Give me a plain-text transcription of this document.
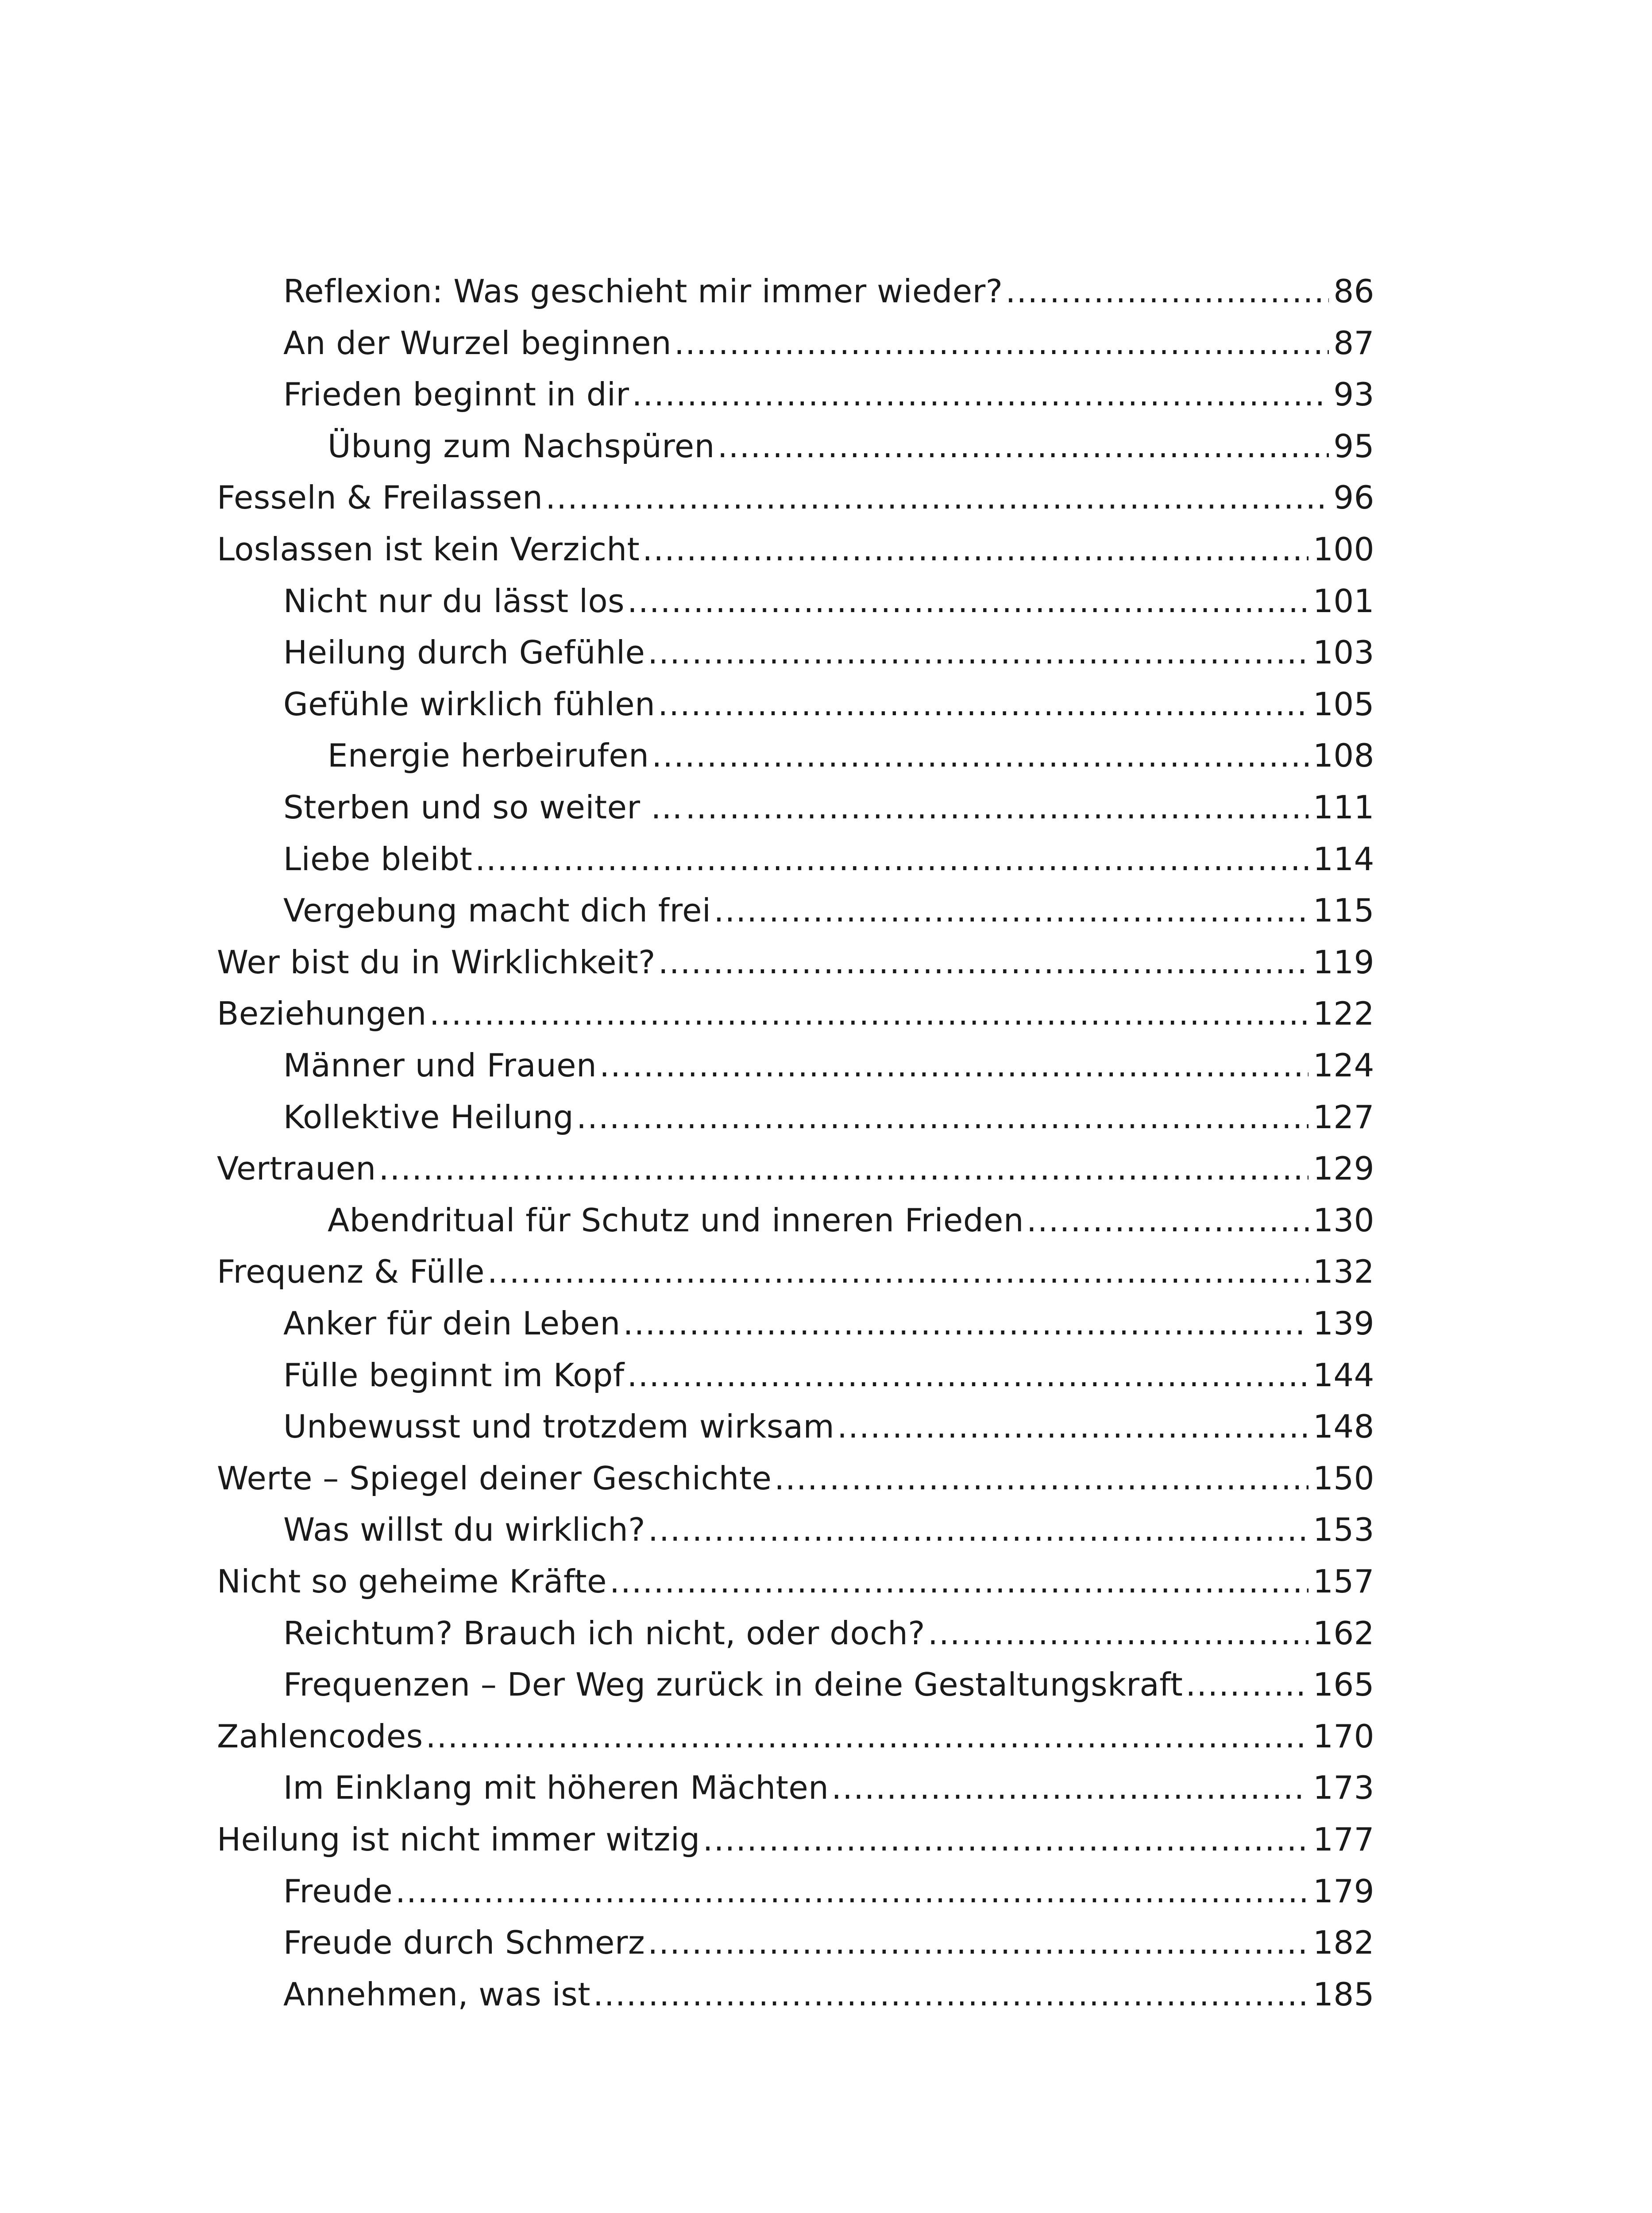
Reflexion: Was geschieht mir immer wieder? .....	86
An der Wurzel beginnen .....	87
Frieden beginnt in dir .....	93
Übung zum Nachspüren .....	95
Fesseln & Freilassen .....	96
Loslassen ist kein Verzicht .....	100
Nicht nur du lässt los .....	101
Heilung durch Gefühle .....	103
Gefühle wirklich fühlen .....	105
Energie herbeirufen .....	108
Sterben und so weiter … .....	111
Liebe bleibt .....	114
Vergebung macht dich frei .....	115
Wer bist du in Wirklichkeit? .....	119
Beziehungen .....	122
Männer und Frauen .....	124
Kollektive Heilung .....	127
Vertrauen .....	129
Abendritual für Schutz und inneren Frieden .....	130
Frequenz & Fülle .....	132
Anker für dein Leben .....	139
Fülle beginnt im Kopf .....	144
Unbewusst und trotzdem wirksam .....	148
Werte – Spiegel deiner Geschichte .....	150
Was willst du wirklich? .....	153
Nicht so geheime Kräfte .....	157
Reichtum? Brauch ich nicht, oder doch? .....	162
Frequenzen – Der Weg zurück in deine Gestaltungskraft .....	165
Zahlencodes .....	170
Im Einklang mit höheren Mächten .....	173
Heilung ist nicht immer witzig .....	177
Freude .....	179
Freude durch Schmerz .....	182
Annehmen, was ist .....	185
